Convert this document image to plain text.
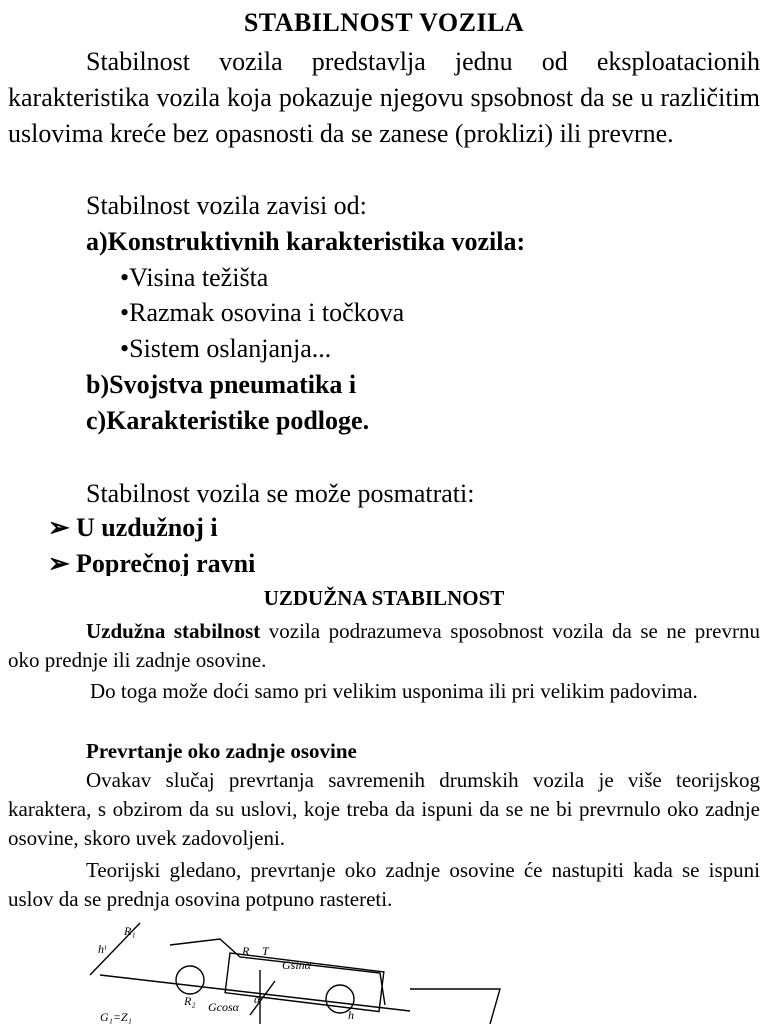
STABILNOST VOZILA

Stabilnost vozila predstavlja jednu od eksploatacionih karakteristika vozila koja pokazuje njegovu spsobnost da se u različitim uslovima kreće bez opasnosti da se zanese (proklizi) ili prevrne.

Stabilnost vozila zavisi od:
a)Konstruktivnih karakteristika vozila:
•Visina težišta
•Razmak osovina i točkova
•Sistem oslanjanja...
b)Svojstva pneumatika i
c)Karakteristike podloge.
Stabilnost vozila se može posmatrati:
➢ U uzdužnoj i
➢ Poprečnoj ravni
UZDUŽNA STABILNOST

Uzdužna stabilnost vozila podrazumeva sposobnost vozila da se ne prevrnu oko prednje ili zadnje osovine.

Do toga može doći samo pri velikim usponima ili pri velikim padovima.

Prevrtanje oko zadnje osovine

Ovakav slučaj prevrtanja savremenih drumskih vozila je više teorijskog karaktera, s obzirom da su uslovi, koje treba da ispuni da se ne bi prevrnulo oko zadnje osovine, skoro uvek zadovoljeni.

Teorijski gledano, prevrtanje oko zadnje osovine će nastupiti kada se ispuni uslov da se prednja osovina potpuno rastereti.

hᵗ
R₁
R T
Gsinα
R₂ Gcosα
α
h
G₁=Z₁
